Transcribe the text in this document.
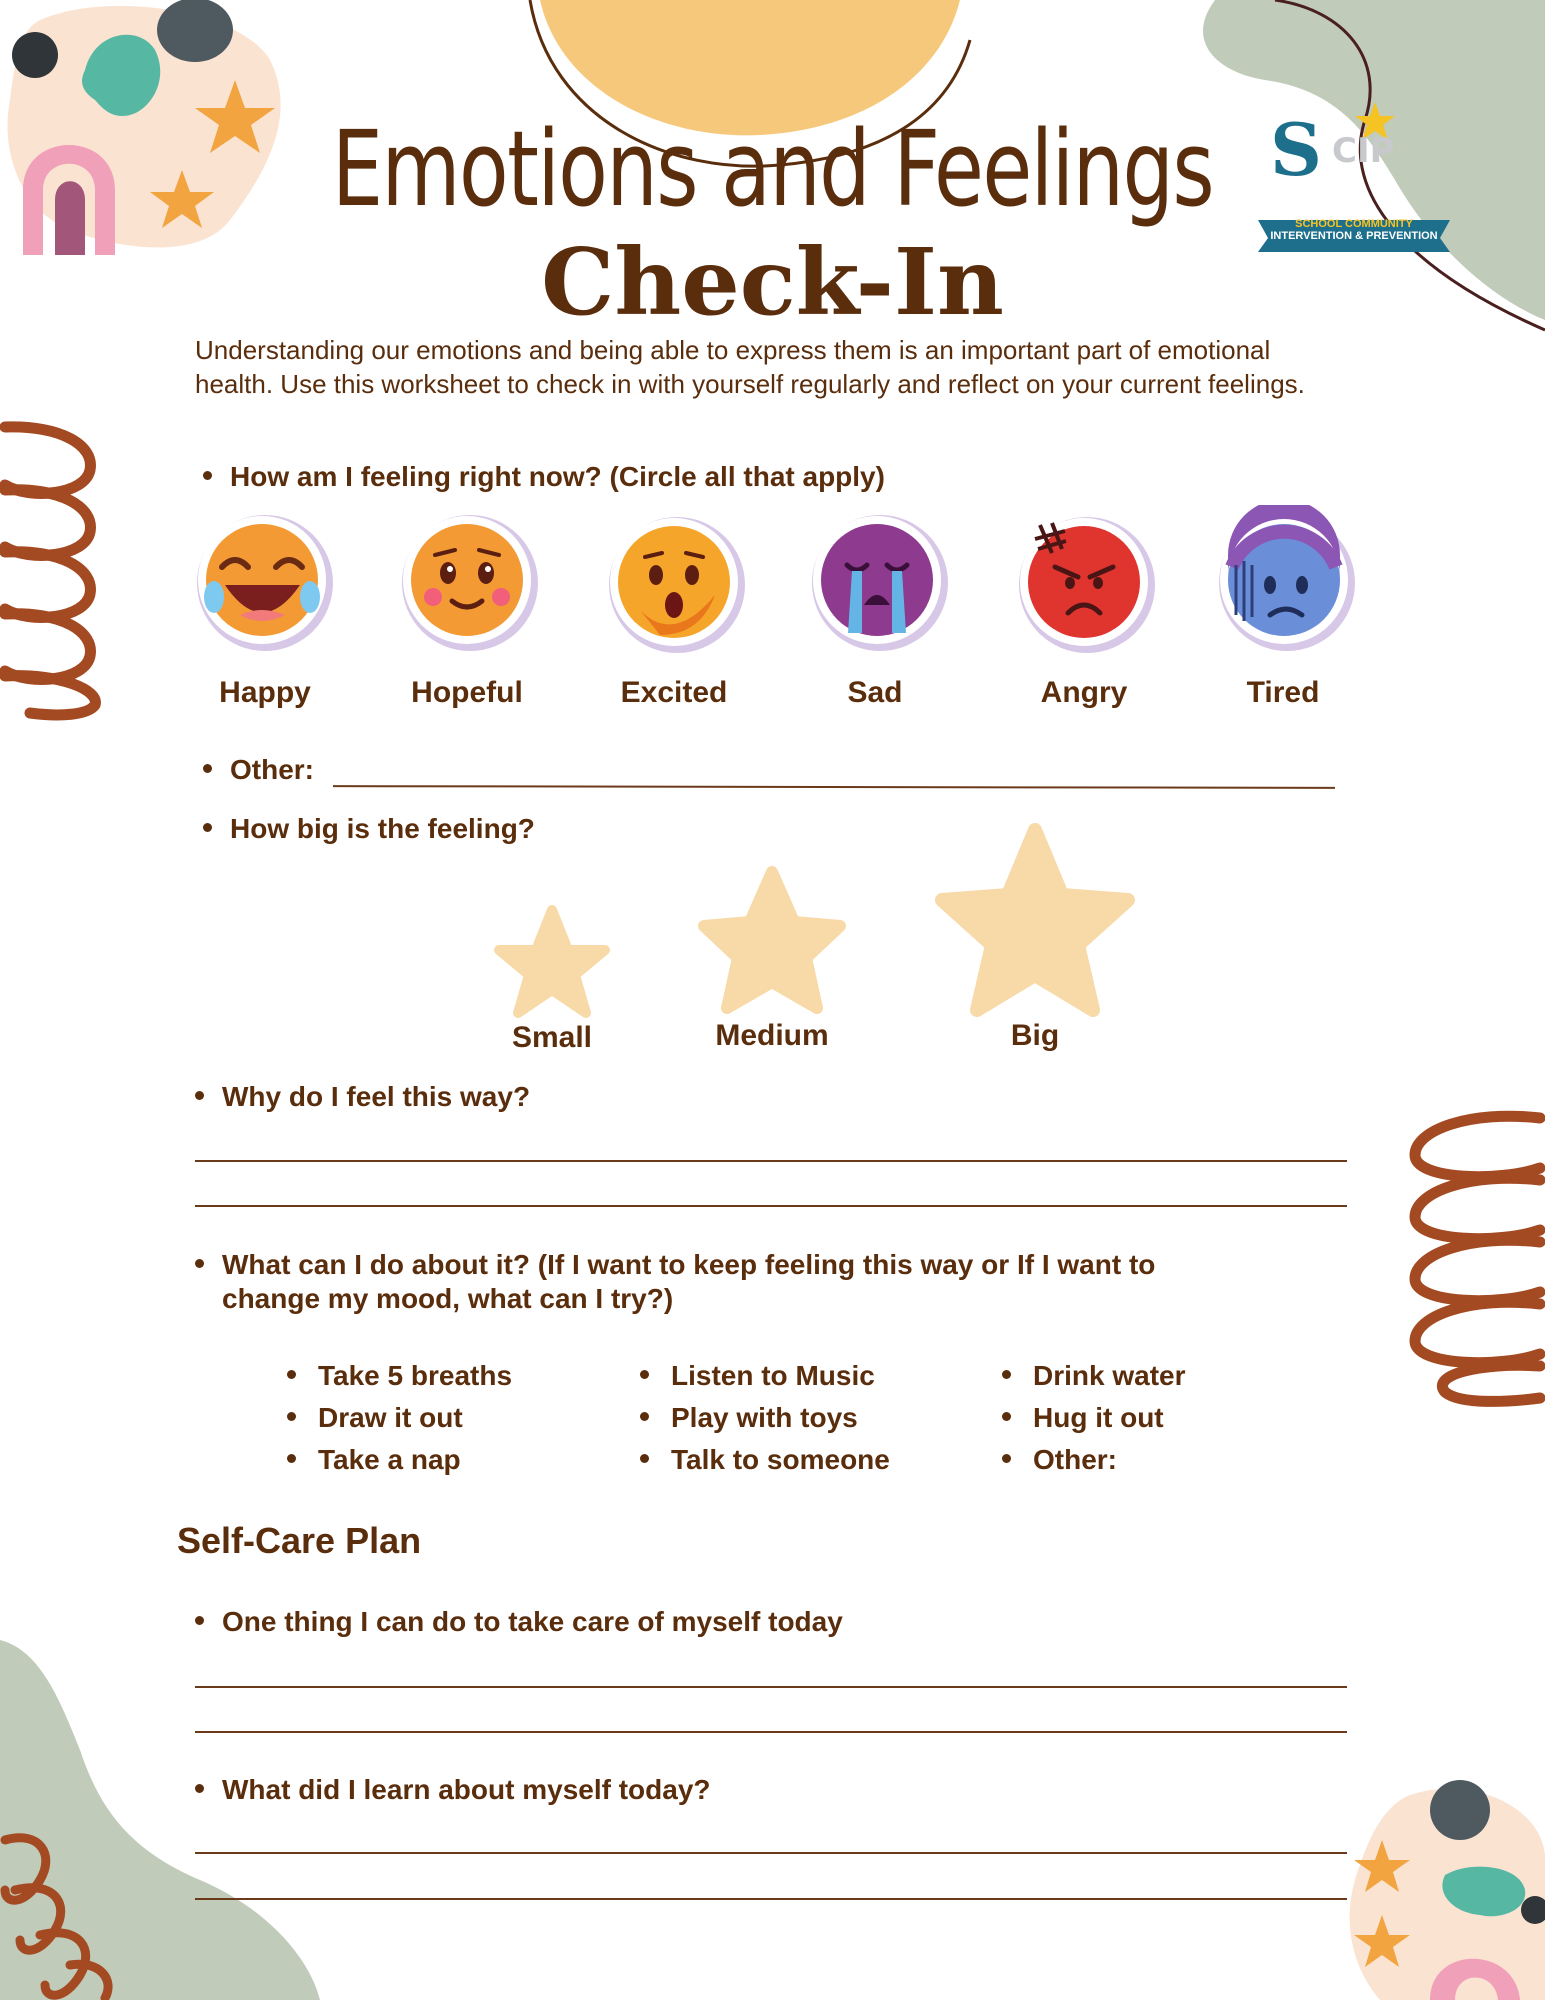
S CIP
SCHOOL COMMUNITY
INTERVENTION & PREVENTION
Emotions and Feelings
Check-In
Understanding our emotions and being able to express them is an important part of emotional health. Use this worksheet to check in with yourself regularly and reflect on your current feelings.
How am I feeling right now? (Circle all that apply)
Happy	Hopeful	Excited	Sad	Angry	Tired
Other:
How big is the feeling?
Small	Medium	Big
Why do I feel this way?
What can I do about it? (If I want to keep feeling this way or If I want to
change my mood, what can I try?)
Take 5 breaths
Draw it out
Take a nap
Listen to Music
Play with toys
Talk to someone
Drink water
Hug it out
Other:
Self-Care Plan
One thing I can do to take care of myself today
What did I learn about myself today?
